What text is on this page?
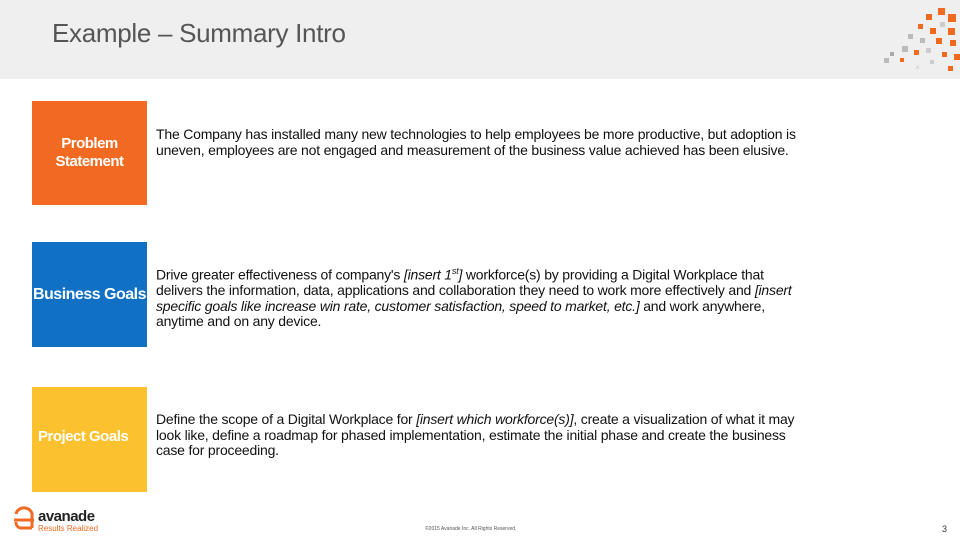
Example – Summary Intro
Problem Statement
The Company has installed many new technologies to help employees be more productive, but adoption is uneven, employees are not engaged and measurement of the business value achieved has been elusive.
Business Goals
Drive greater effectiveness of company's [insert 1st] workforce(s) by providing a Digital Workplace that delivers the information, data, applications and collaboration they need to work more effectively and [insert specific goals like increase win rate, customer satisfaction, speed to market, etc.] and work anywhere, anytime and on any device.
Project Goals
Define the scope of a Digital Workplace for [insert which workforce(s)], create a visualization of what it may look like, define a roadmap for phased implementation, estimate the initial phase and create the business case for proceeding.
avanade
Results Realized	©2015 Avanade Inc. All Rights Reserved.	3
